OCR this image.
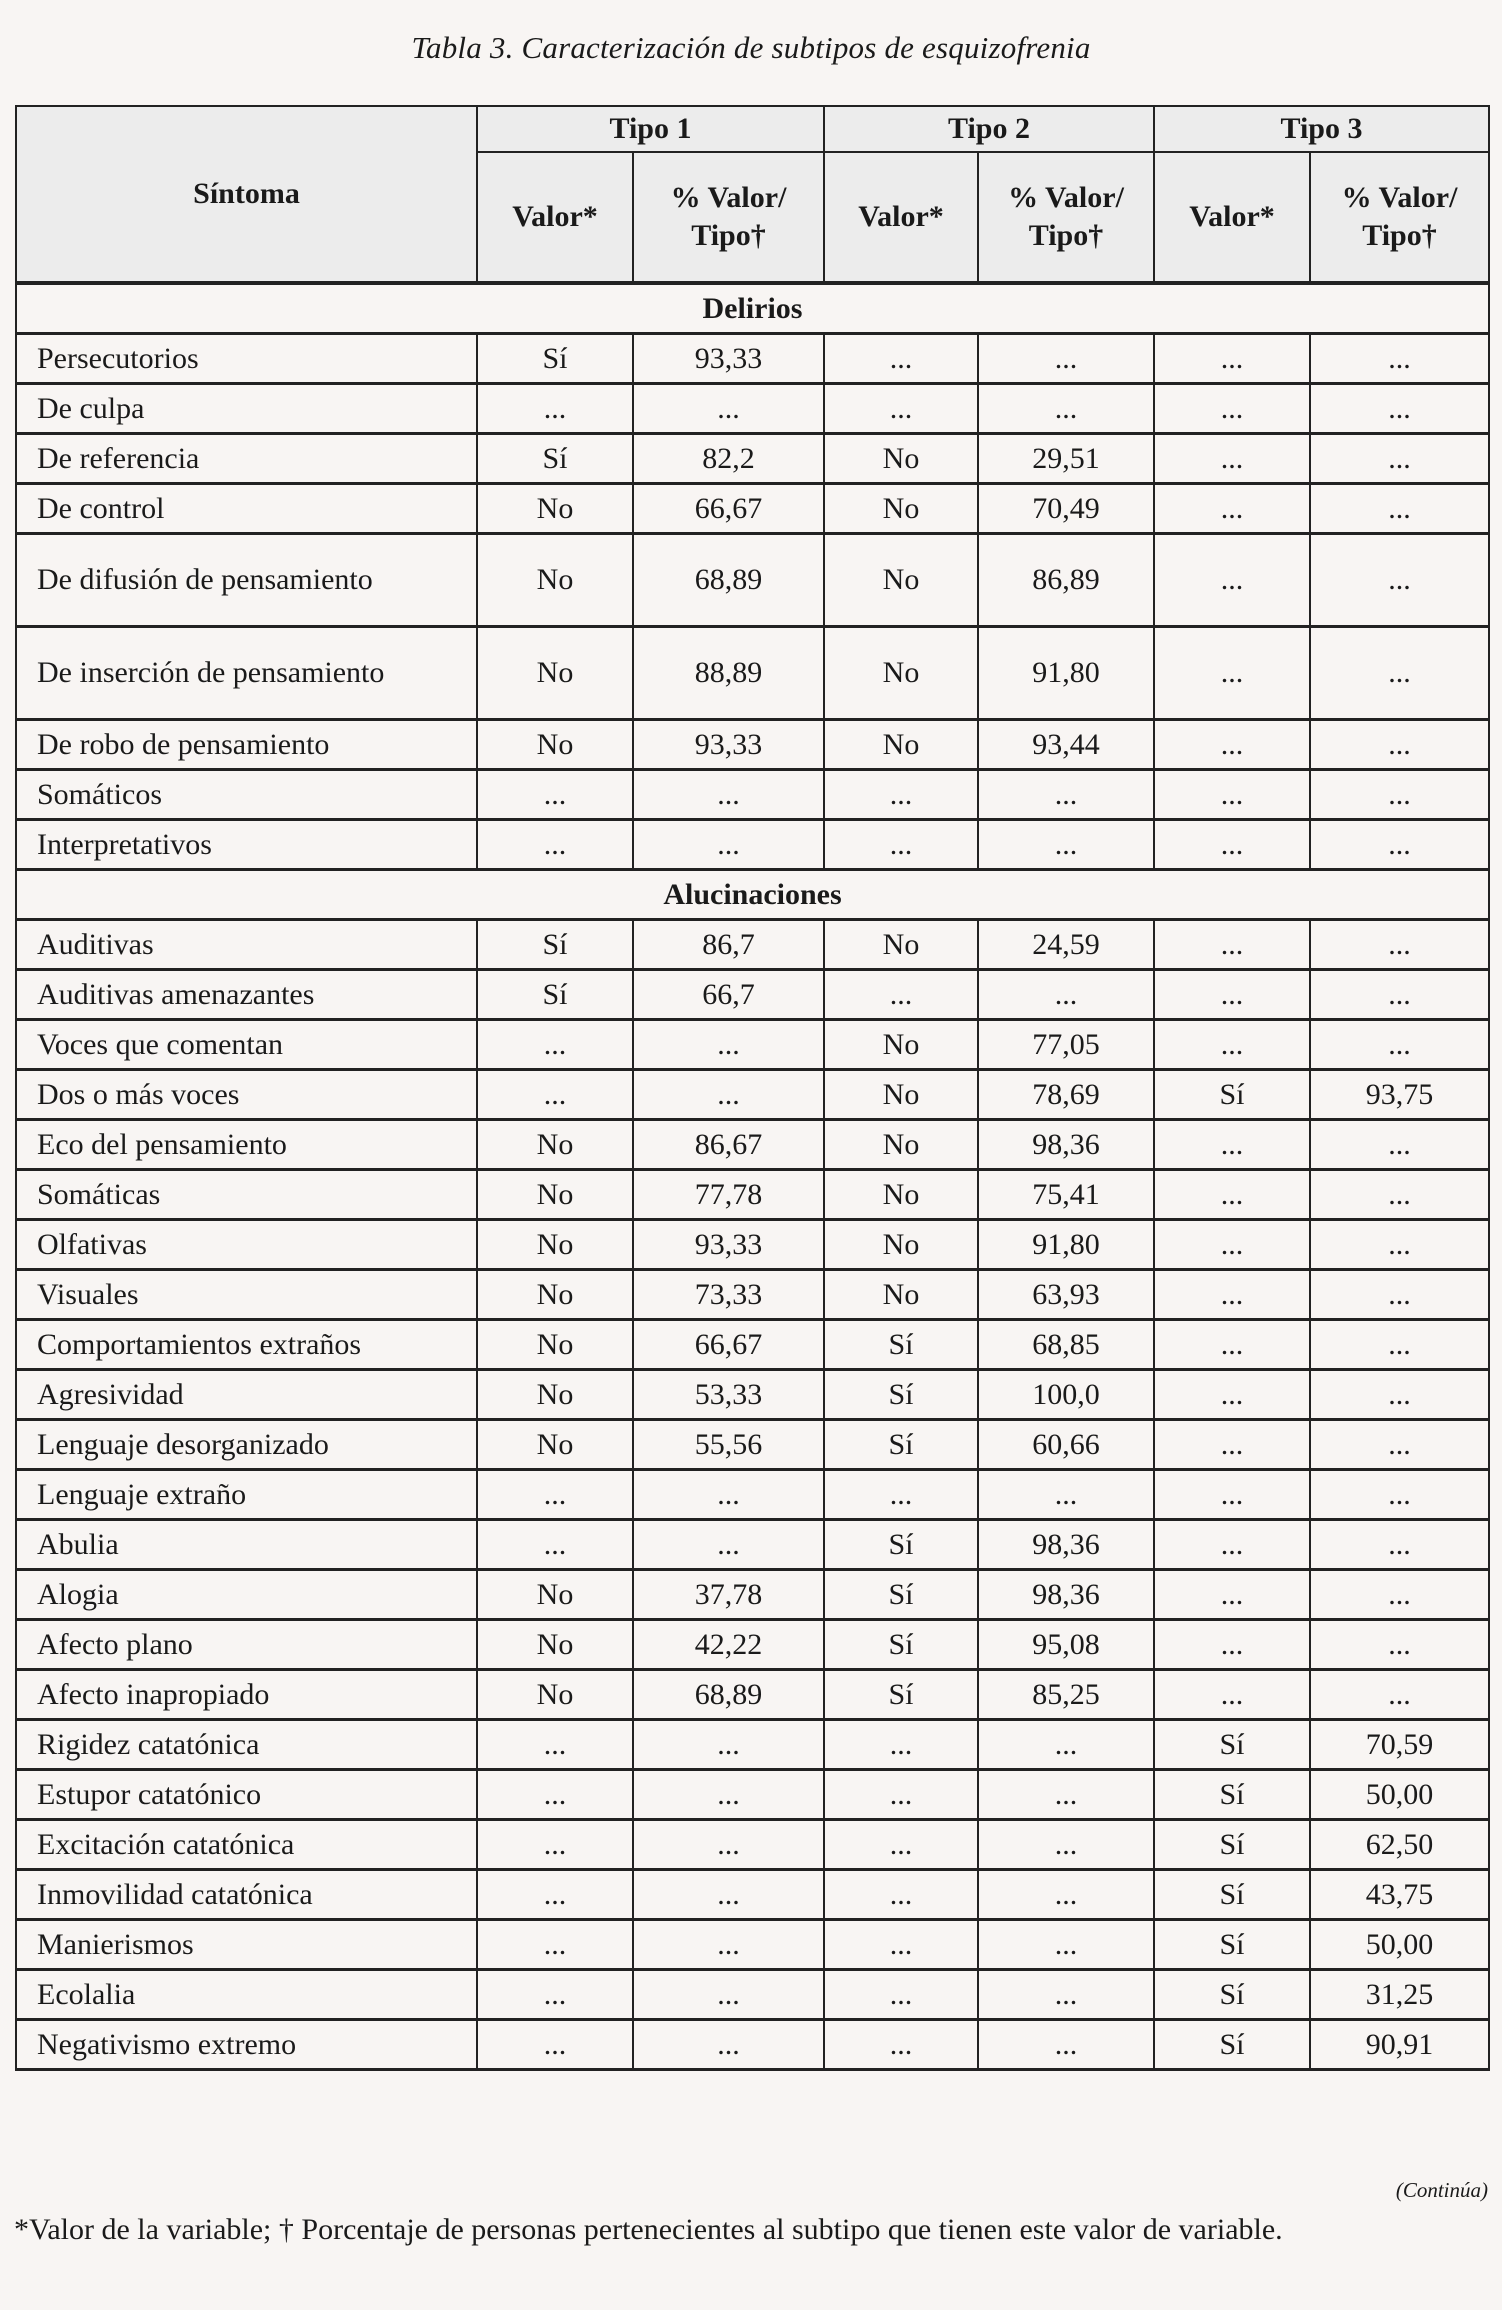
Tabla 3. Caracterización de subtipos de esquizofrenia
Síntoma	Tipo 1		Tipo 2		Tipo 3	
	Valor*	% Valor/ Tipo†	Valor*	% Valor/ Tipo†	Valor*	% Valor/ Tipo†
Delirios						
Persecutorios	Sí	93,33	...	...	...	...
De culpa	...	...	...	...	...	...
De referencia	Sí	82,2	No	29,51	...	...
De control	No	66,67	No	70,49	...	...
De difusión de pensamiento	No	68,89	No	86,89	...	...
De inserción de pensamiento	No	88,89	No	91,80	...	...
De robo de pensamiento	No	93,33	No	93,44	...	...
Somáticos	...	...	...	...	...	...
Interpretativos	...	...	...	...	...	...
Alucinaciones						
Auditivas	Sí	86,7	No	24,59	...	...
Auditivas amenazantes	Sí	66,7	...	...	...	...
Voces que comentan	...	...	No	77,05	...	...
Dos o más voces	...	...	No	78,69	Sí	93,75
Eco del pensamiento	No	86,67	No	98,36	...	...
Somáticas	No	77,78	No	75,41	...	...
Olfativas	No	93,33	No	91,80	...	...
Visuales	No	73,33	No	63,93	...	...
Comportamientos extraños	No	66,67	Sí	68,85	...	...
Agresividad	No	53,33	Sí	100,0	...	...
Lenguaje desorganizado	No	55,56	Sí	60,66	...	...
Lenguaje extraño	...	...	...	...	...	...
Abulia	...	...	Sí	98,36	...	...
Alogia	No	37,78	Sí	98,36	...	...
Afecto plano	No	42,22	Sí	95,08	...	...
Afecto inapropiado	No	68,89	Sí	85,25	...	...
Rigidez catatónica	...	...	...	...	Sí	70,59
Estupor catatónico	...	...	...	...	Sí	50,00
Excitación catatónica	...	...	...	...	Sí	62,50
Inmovilidad catatónica	...	...	...	...	Sí	43,75
Manierismos	...	...	...	...	Sí	50,00
Ecolalia	...	...	...	...	Sí	31,25
Negativismo extremo	...	...	...	...	Sí	90,91
(Continúa)
*Valor de la variable; † Porcentaje de personas pertenecientes al subtipo que tienen este valor de variable.
